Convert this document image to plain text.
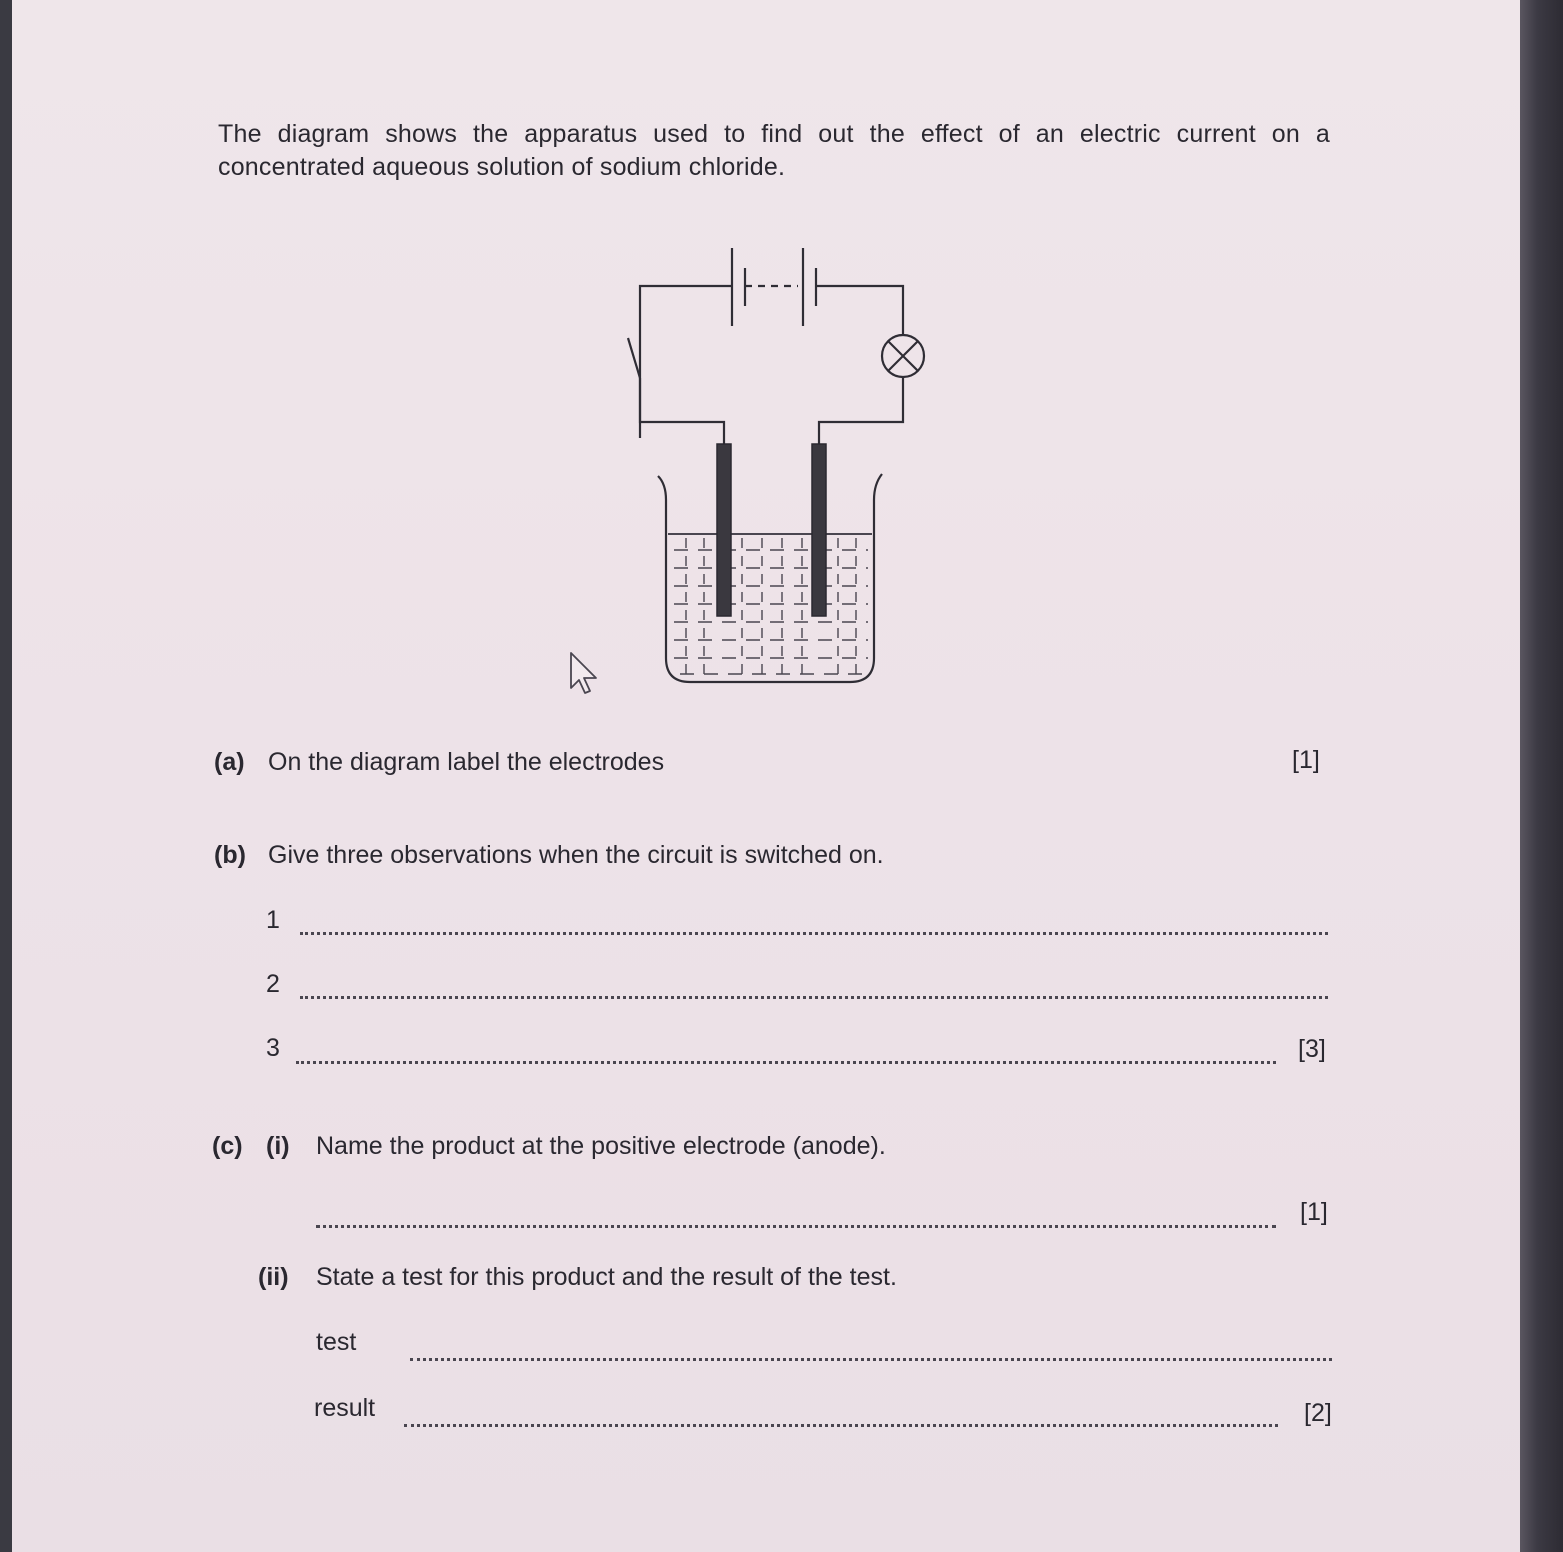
The diagram shows the apparatus used to find out the effect of an electric current on a concentrated aqueous solution of sodium chloride.
(a) On the diagram label the electrodes	[1]
(b) Give three observations when the circuit is switched on.
1
2
3	[3]
(c) (i) Name the product at the positive electrode (anode).
[1]
(ii) State a test for this product and the result of the test.
test
result	[2]
